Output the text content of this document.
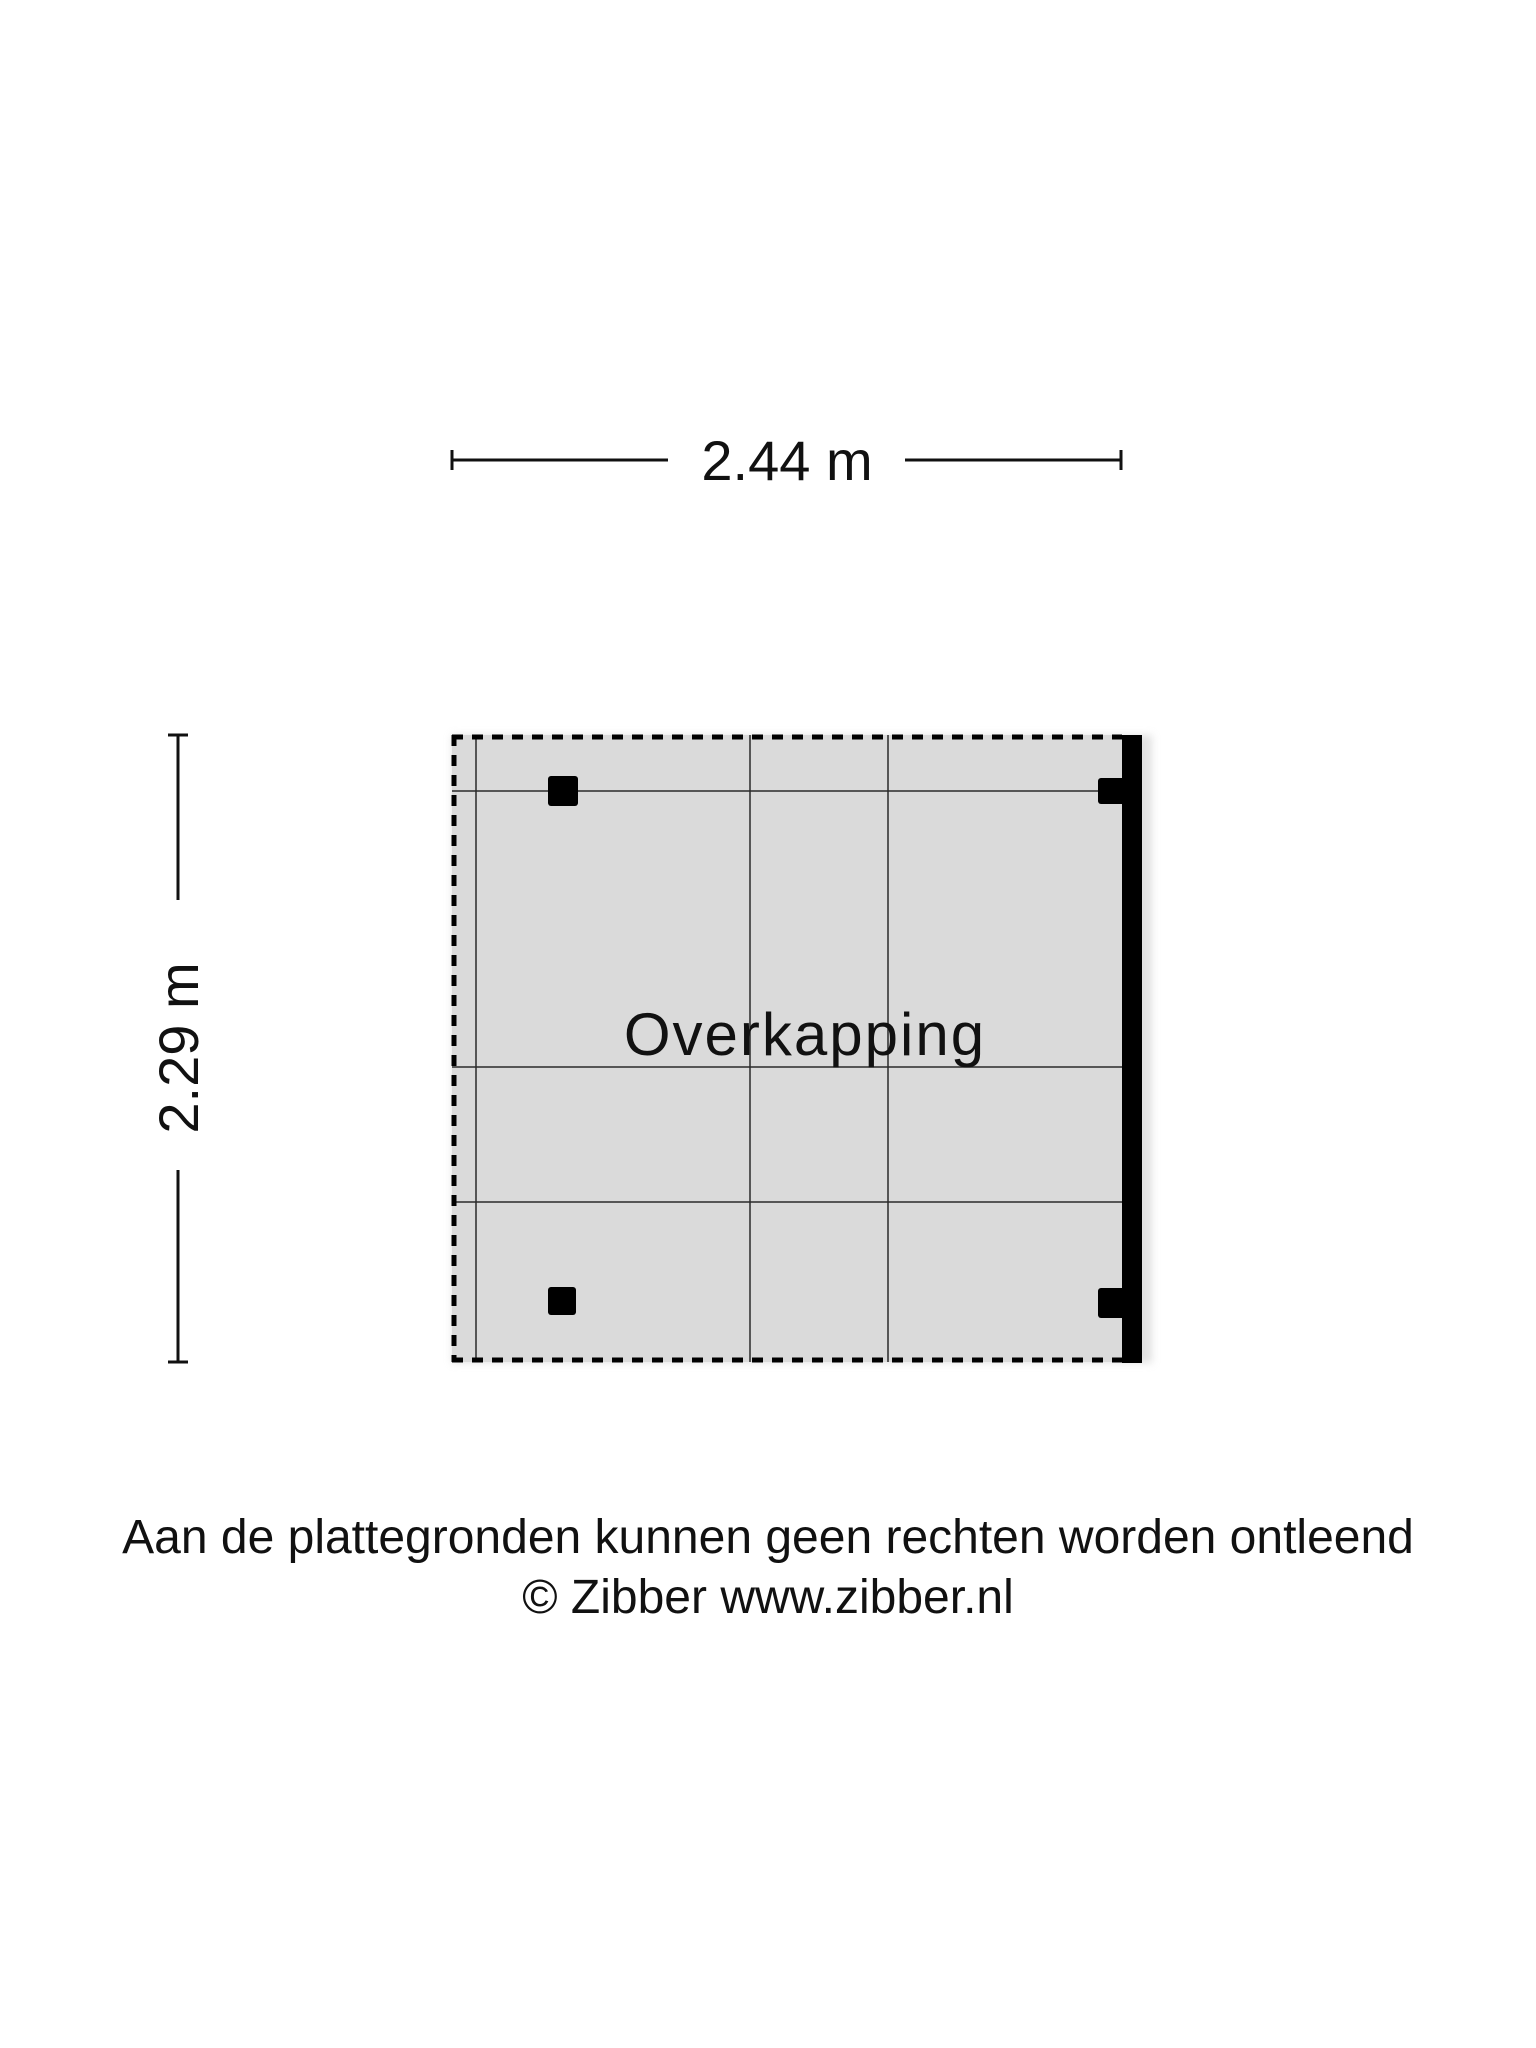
2.44 m
2.29 m	Overkapping
Aan de plattegronden kunnen geen rechten worden ontleend
© Zibber www.zibber.nl
